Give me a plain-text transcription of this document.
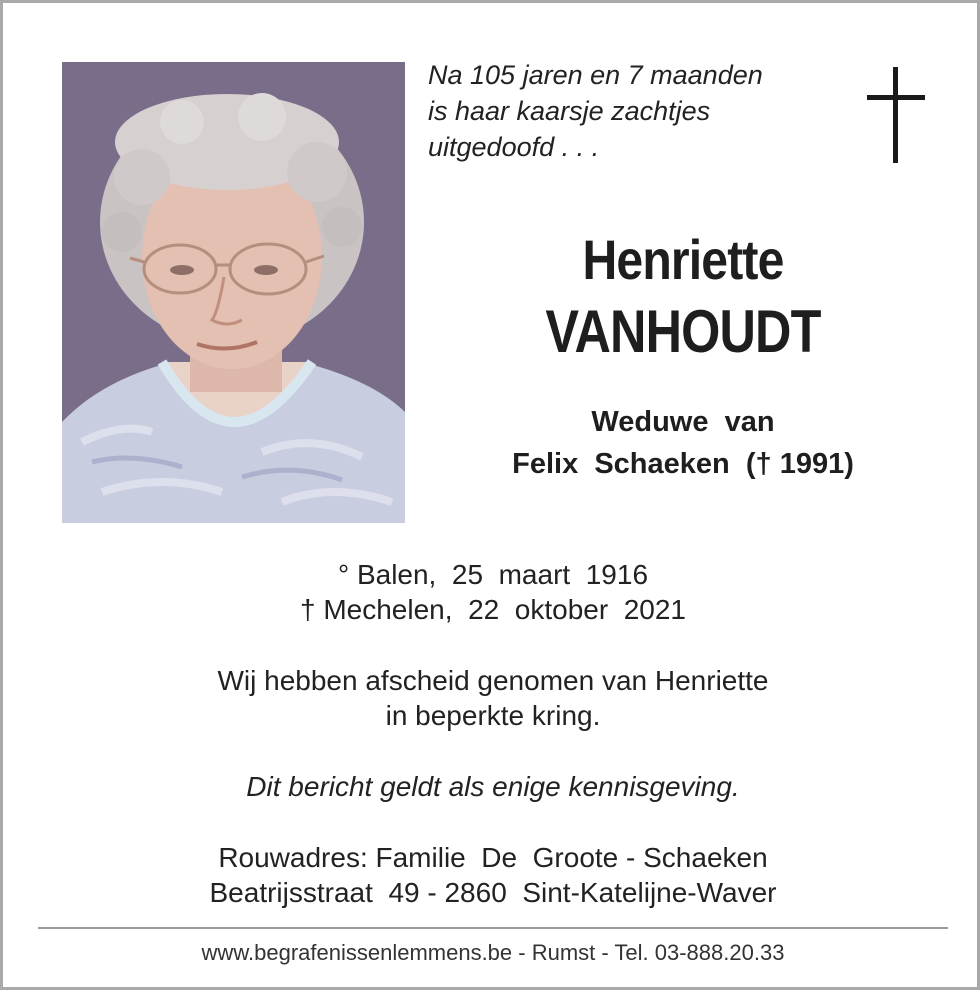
Na 105 jaren en 7 maanden
is haar kaarsje zachtjes
uitgedoofd . . .
Henriette
VANHOUDT
Weduwe  van
Felix  Schaeken  († 1991)
° Balen,  25  maart  1916
† Mechelen,  22  oktober  2021
Wij hebben afscheid genomen van Henriette
in beperkte kring.
Dit bericht geldt als enige kennisgeving.
Rouwadres: Familie  De  Groote - Schaeken
Beatrijsstraat  49 - 2860  Sint-Katelijne-Waver
www.begrafenissenlemmens.be - Rumst - Tel. 03-888.20.33
